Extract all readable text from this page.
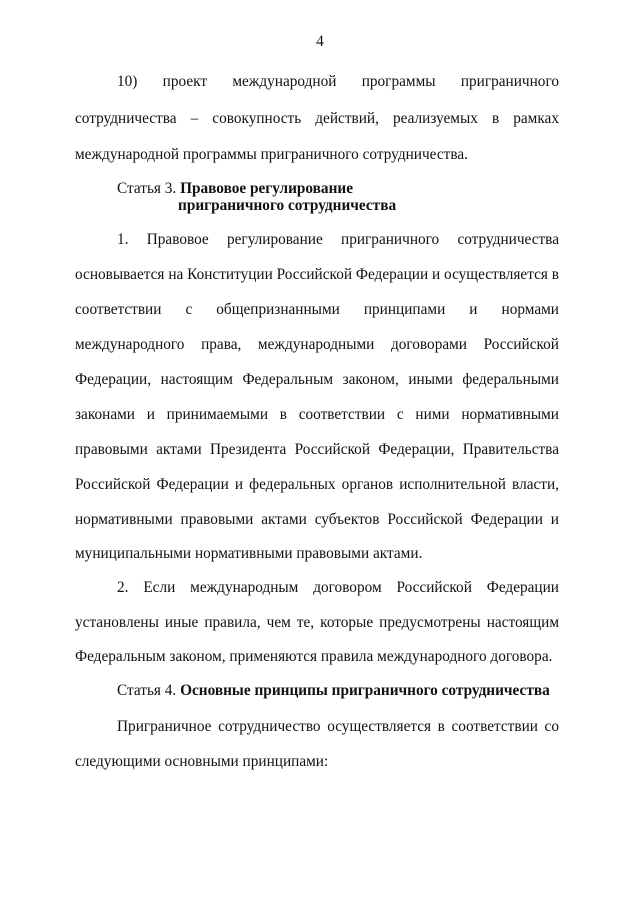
4
10) проект международной программы приграничного
сотрудничества – совокупность действий, реализуемых в рамках
международной программы приграничного сотрудничества.
Статья 3. Правовое регулирование
приграничного сотрудничества
1. Правовое регулирование приграничного сотрудничества
основывается на Конституции Российской Федерации и осуществляется в
соответствии с общепризнанными принципами и нормами
международного права, международными договорами Российской
Федерации, настоящим Федеральным законом, иными федеральными
законами и принимаемыми в соответствии с ними нормативными
правовыми актами Президента Российской Федерации, Правительства
Российской Федерации и федеральных органов исполнительной власти,
нормативными правовыми актами субъектов Российской Федерации и
муниципальными нормативными правовыми актами.
2. Если международным договором Российской Федерации
установлены иные правила, чем те, которые предусмотрены настоящим
Федеральным законом, применяются правила международного договора.
Статья 4. Основные принципы приграничного сотрудничества
Приграничное сотрудничество осуществляется в соответствии со
следующими основными принципами:
